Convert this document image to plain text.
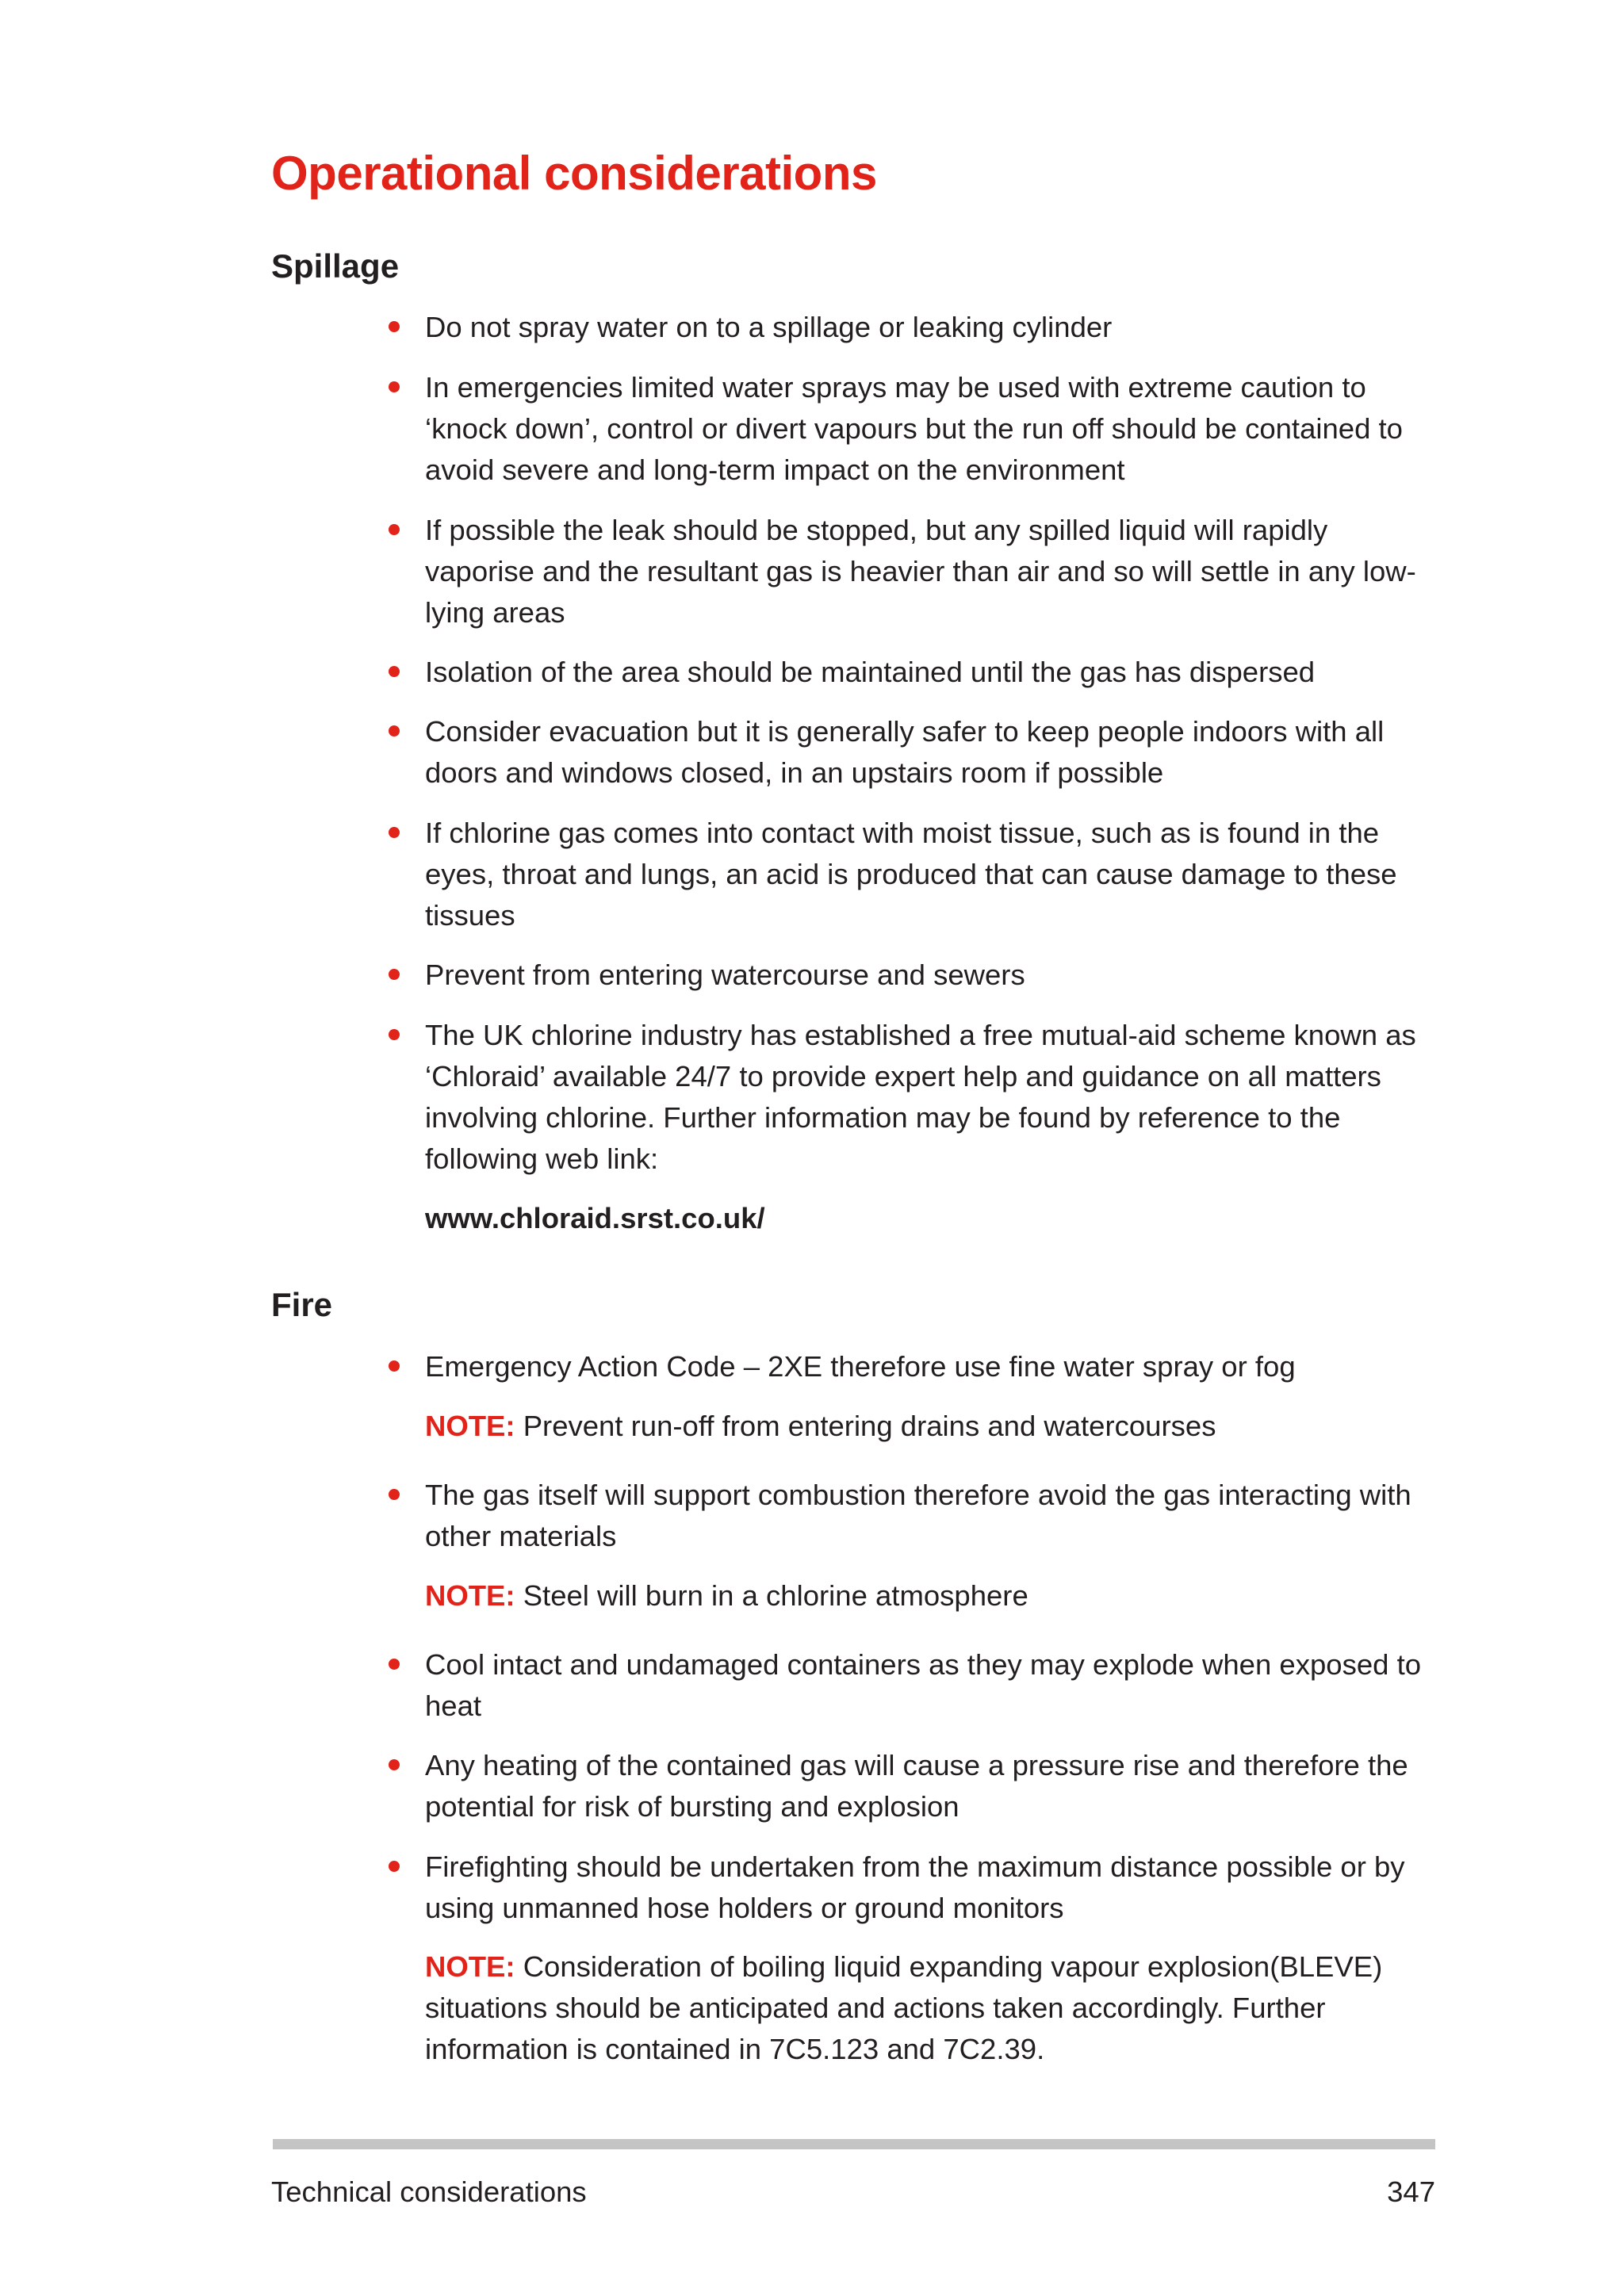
Operational considerations
Spillage
Do not spray water on to a spillage or leaking cylinder
In emergencies limited water sprays may be used with extreme caution to ‘knock down’, control or divert vapours but the run off should be contained to avoid severe and long-term impact on the environment
If possible the leak should be stopped, but any spilled liquid will rapidly vaporise and the resultant gas is heavier than air and so will settle in any low-lying areas
Isolation of the area should be maintained until the gas has dispersed
Consider evacuation but it is generally safer to keep people indoors with all doors and windows closed, in an upstairs room if possible
If chlorine gas comes into contact with moist tissue, such as is found in the eyes, throat and lungs, an acid is produced that can cause damage to these tissues
Prevent from entering watercourse and sewers
The UK chlorine industry has established a free mutual-aid scheme known as ‘Chloraid’ available 24/7 to provide expert help and guidance on all matters involving chlorine. Further information may be found by reference to the following web link:
www.chloraid.srst.co.uk/
Fire
Emergency Action Code – 2XE therefore use fine water spray or fog
NOTE: Prevent run-off from entering drains and watercourses
The gas itself will support combustion therefore avoid the gas interacting with other materials
NOTE: Steel will burn in a chlorine atmosphere
Cool intact and undamaged containers as they may explode when exposed to heat
Any heating of the contained gas will cause a pressure rise and therefore the potential for risk of bursting and explosion
Firefighting should be undertaken from the maximum distance possible or by using unmanned hose holders or ground monitors
NOTE: Consideration of boiling liquid expanding vapour explosion(BLEVE) situations should be anticipated and actions taken accordingly. Further information is contained in 7C5.123 and 7C2.39.
Technical considerations	347
